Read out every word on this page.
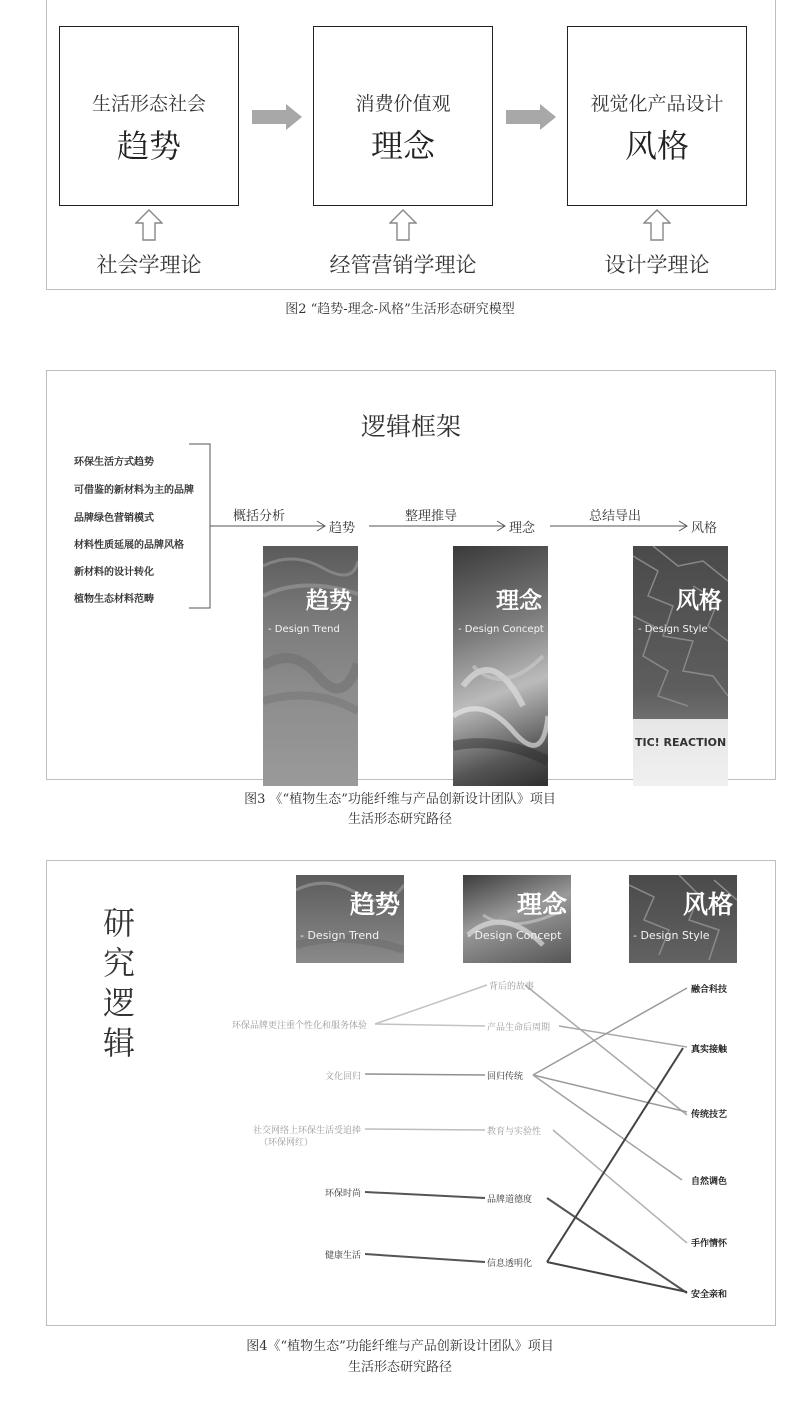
生活形态社会
趋势
消费价值观
理念
视觉化产品设计
风格
社会学理论	经管营销学理论	设计学理论
图2 “趋势-理念-风格”生活形态研究模型
逻辑框架
环保生活方式趋势
可借鉴的新材料为主的品牌
品牌绿色营销模式
材料性质延展的品牌风格
新材料的设计转化
植物生态材料范畴
概括分析
趋势
整理推导
理念
总结导出
风格
趋势
- Design Trend
理念
- Design Concept
风格
- Design Style
TIC! REACTION
图3 《“植物生态”功能纤维与产品创新设计团队》项目
生活形态研究路径
研
究
逻
辑
趋势
- Design Trend
理念
- Design Concept
风格
- Design Style
环保品牌更注重个性化和服务体验
文化回归
社交网络上环保生活受追捧
（环保网红）
环保时尚
健康生活
背后的故事
产品生命后周期
回归传统
教育与实验性
品牌道德度
信息透明化
融合科技
真实接触
传统技艺
自然调色
手作情怀
安全亲和
图4《“植物生态”功能纤维与产品创新设计团队》项目
生活形态研究路径
